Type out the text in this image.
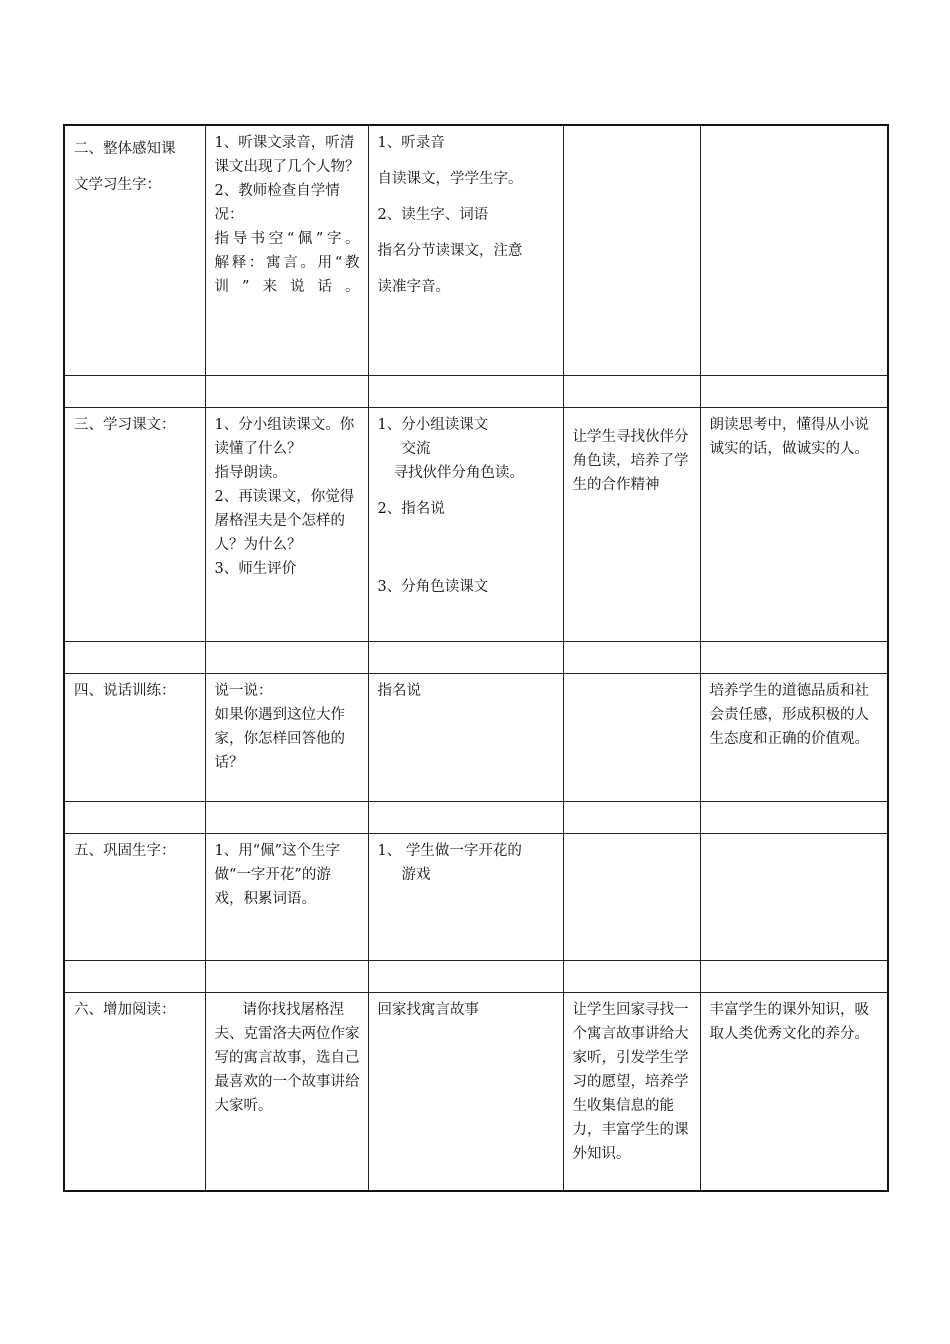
二、整体感知课
文学习生字：	1、听课文录音，听清课文出现了几个人物？
2、教师检查自学情况：
指导书空“佩”字。
解释：寓言。用“教训”来说话。	1、听录音
自读课文，学学生字。
2、读生字、词语
指名分节读课文，注意
读准字音。		

三、学习课文：	1、分小组读课文。你读懂了什么？
指导朗读。
2、再读课文，你觉得屠格涅夫是个怎样的人？为什么？
3、师生评价	1、分小组读课文
交流
寻找伙伴分角色读。
2、指名说
3、分角色读课文	让学生寻找伙伴分角色读，培养了学生的合作精神	朗读思考中，懂得从小说诚实的话，做诚实的人。

四、说话训练：	说一说：
如果你遇到这位大作家，你怎样回答他的话？	指名说		培养学生的道德品质和社会责任感，形成积极的人生态度和正确的价值观。

五、巩固生字：	1、用“佩”这个生字做“一字开花”的游戏，积累词语。	1、 学生做一字开花的
游戏		

六、增加阅读：	请你找找屠格涅夫、克雷洛夫两位作家写的寓言故事，选自己最喜欢的一个故事讲给大家听。	回家找寓言故事	让学生回家寻找一个寓言故事讲给大家听，引发学生学习的愿望，培养学生收集信息的能力，丰富学生的课外知识。	丰富学生的课外知识，吸取人类优秀文化的养分。
